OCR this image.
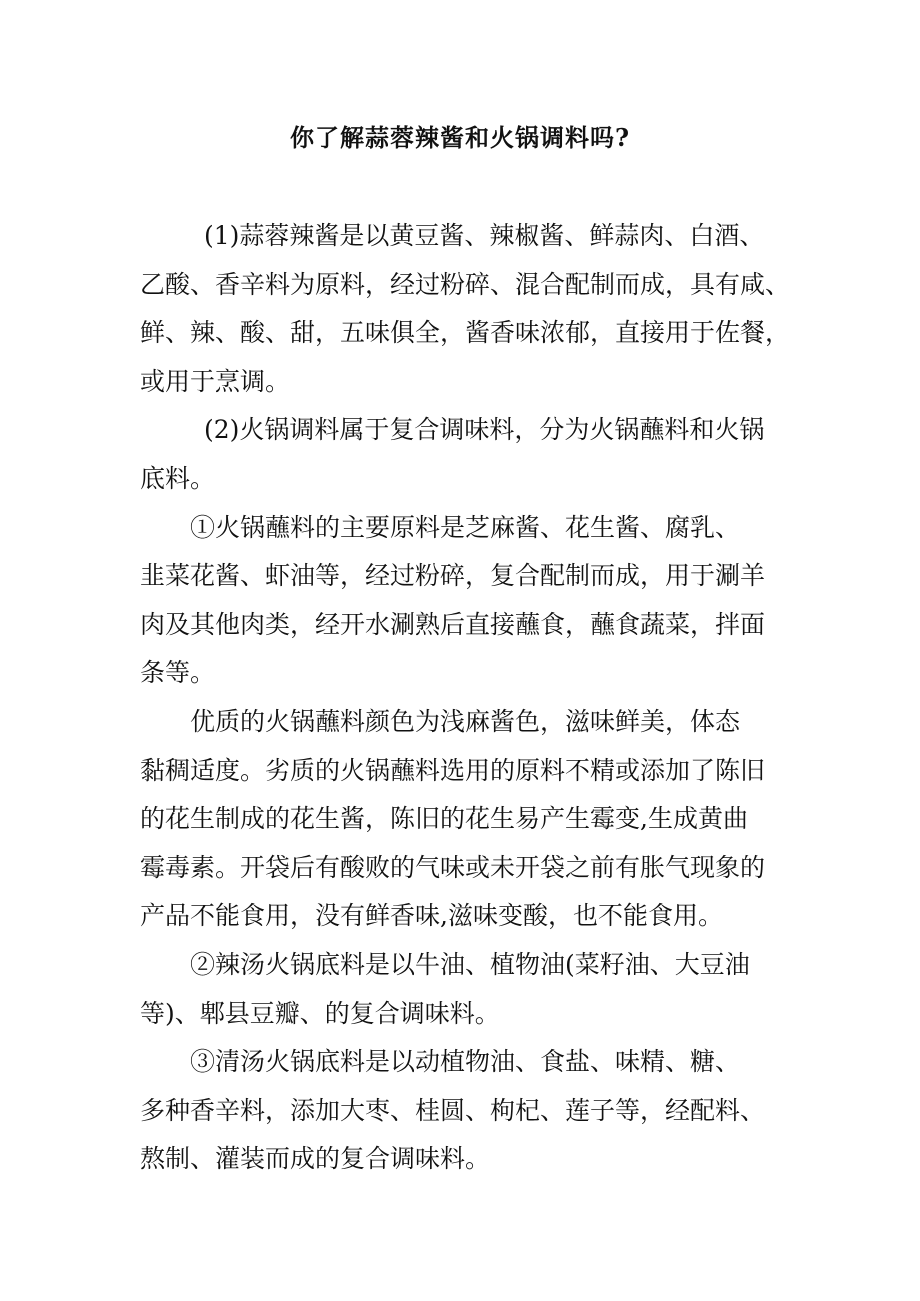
你了解蒜蓉辣酱和火锅调料吗?

(1)蒜蓉辣酱是以黄豆酱、辣椒酱、鲜蒜肉、白酒、
乙酸、香辛料为原料，经过粉碎、混合配制而成，具有咸、
鲜、辣、酸、甜，五味俱全，酱香味浓郁，直接用于佐餐，
或用于烹调。

(2)火锅调料属于复合调味料，分为火锅蘸料和火锅
底料。

①火锅蘸料的主要原料是芝麻酱、花生酱、腐乳、
韭菜花酱、虾油等，经过粉碎，复合配制而成，用于涮羊
肉及其他肉类，经开水涮熟后直接蘸食，蘸食蔬菜，拌面
条等。

优质的火锅蘸料颜色为浅麻酱色，滋味鲜美，体态
黏稠适度。劣质的火锅蘸料选用的原料不精或添加了陈旧
的花生制成的花生酱，陈旧的花生易产生霉变,生成黄曲
霉毒素。开袋后有酸败的气味或未开袋之前有胀气现象的
产品不能食用，没有鲜香味,滋味变酸，也不能食用。

②辣汤火锅底料是以牛油、植物油(菜籽油、大豆油
等)、郫县豆瓣、的复合调味料。

③清汤火锅底料是以动植物油、食盐、味精、糖、
多种香辛料，添加大枣、桂圆、枸杞、莲子等，经配料、
熬制、灌装而成的复合调味料。
